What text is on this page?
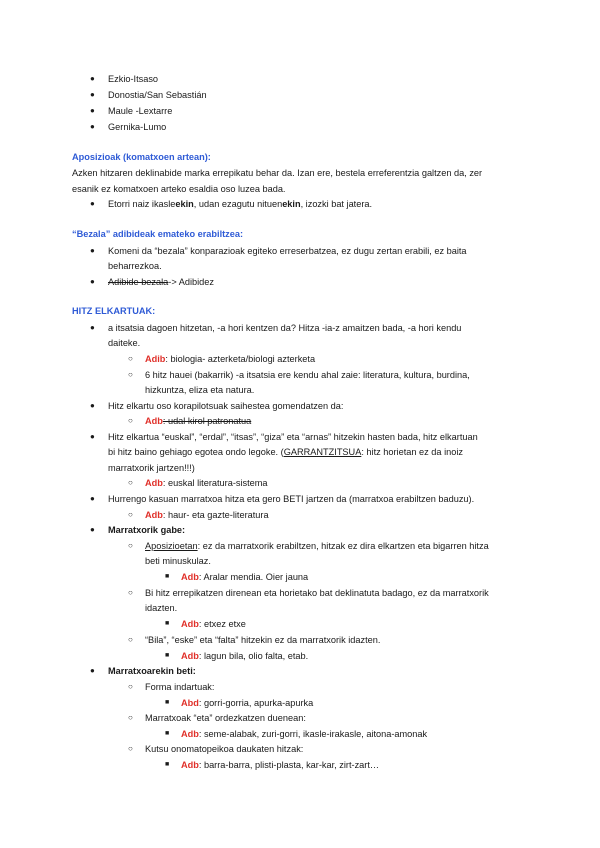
● Ezkio-Itsaso
● Donostia/San Sebastián
● Maule -Lextarre
● Gernika-Lumo
Aposizioak (komatxoen artean):
Azken hitzaren deklinabide marka errepikatu behar da. Izan ere, bestela erreferentzia galtzen da, zer
esanik ez komatxoen arteko esaldia oso luzea bada.
● Etorri naiz ikasleekin, udan ezagutu nituenekin, izozki bat jatera.
“Bezala” adibideak emateko erabiltzea:
● Komeni da “bezala” konparazioak egiteko erreserbatzea, ez dugu zertan erabili, ez baita
beharrezkoa.
● Adibide bezala-> Adibidez
HITZ ELKARTUAK:
● a itsatsia dagoen hitzetan, -a hori kentzen da? Hitza -ia-z amaitzen bada, -a hori kendu
daiteke.
○ Adib: biologia- azterketa/biologi azterketa
○ 6 hitz hauei (bakarrik) -a itsatsia ere kendu ahal zaie: literatura, kultura, burdina,
hizkuntza, eliza eta natura.
● Hitz elkartu oso korapilotsuak saihestea gomendatzen da:
○ Adb: udal kirol patronatua
● Hitz elkartua “euskal”, “erdal”, “itsas”, “giza” eta “arnas” hitzekin hasten bada, hitz elkartuan
bi hitz baino gehiago egotea ondo legoke. (GARRANTZITSUA: hitz horietan ez da inoiz
marratxorik jartzen!!!)
○ Adb: euskal literatura-sistema
● Hurrengo kasuan marratxoa hitza eta gero BETI jartzen da (marratxoa erabiltzen baduzu).
○ Adb: haur- eta gazte-literatura
● Marratxorik gabe:
○ Aposizioetan: ez da marratxorik erabiltzen, hitzak ez dira elkartzen eta bigarren hitza
beti minuskulaz.
■ Adb: Aralar mendia. Oier jauna
○ Bi hitz errepikatzen direnean eta horietako bat deklinatuta badago, ez da marratxorik
idazten.
■ Adb: etxez etxe
○ “Bila”, “eske” eta “falta” hitzekin ez da marratxorik idazten.
■ Adb: lagun bila, olio falta, etab.
● Marratxoarekin beti:
○ Forma indartuak:
■ Abd: gorri-gorria, apurka-apurka
○ Marratxoak “eta” ordezkatzen duenean:
■ Adb: seme-alabak, zuri-gorri, ikasle-irakasle, aitona-amonak
○ Kutsu onomatopeikoa daukaten hitzak:
■ Adb: barra-barra, plisti-plasta, kar-kar, zirt-zart…
